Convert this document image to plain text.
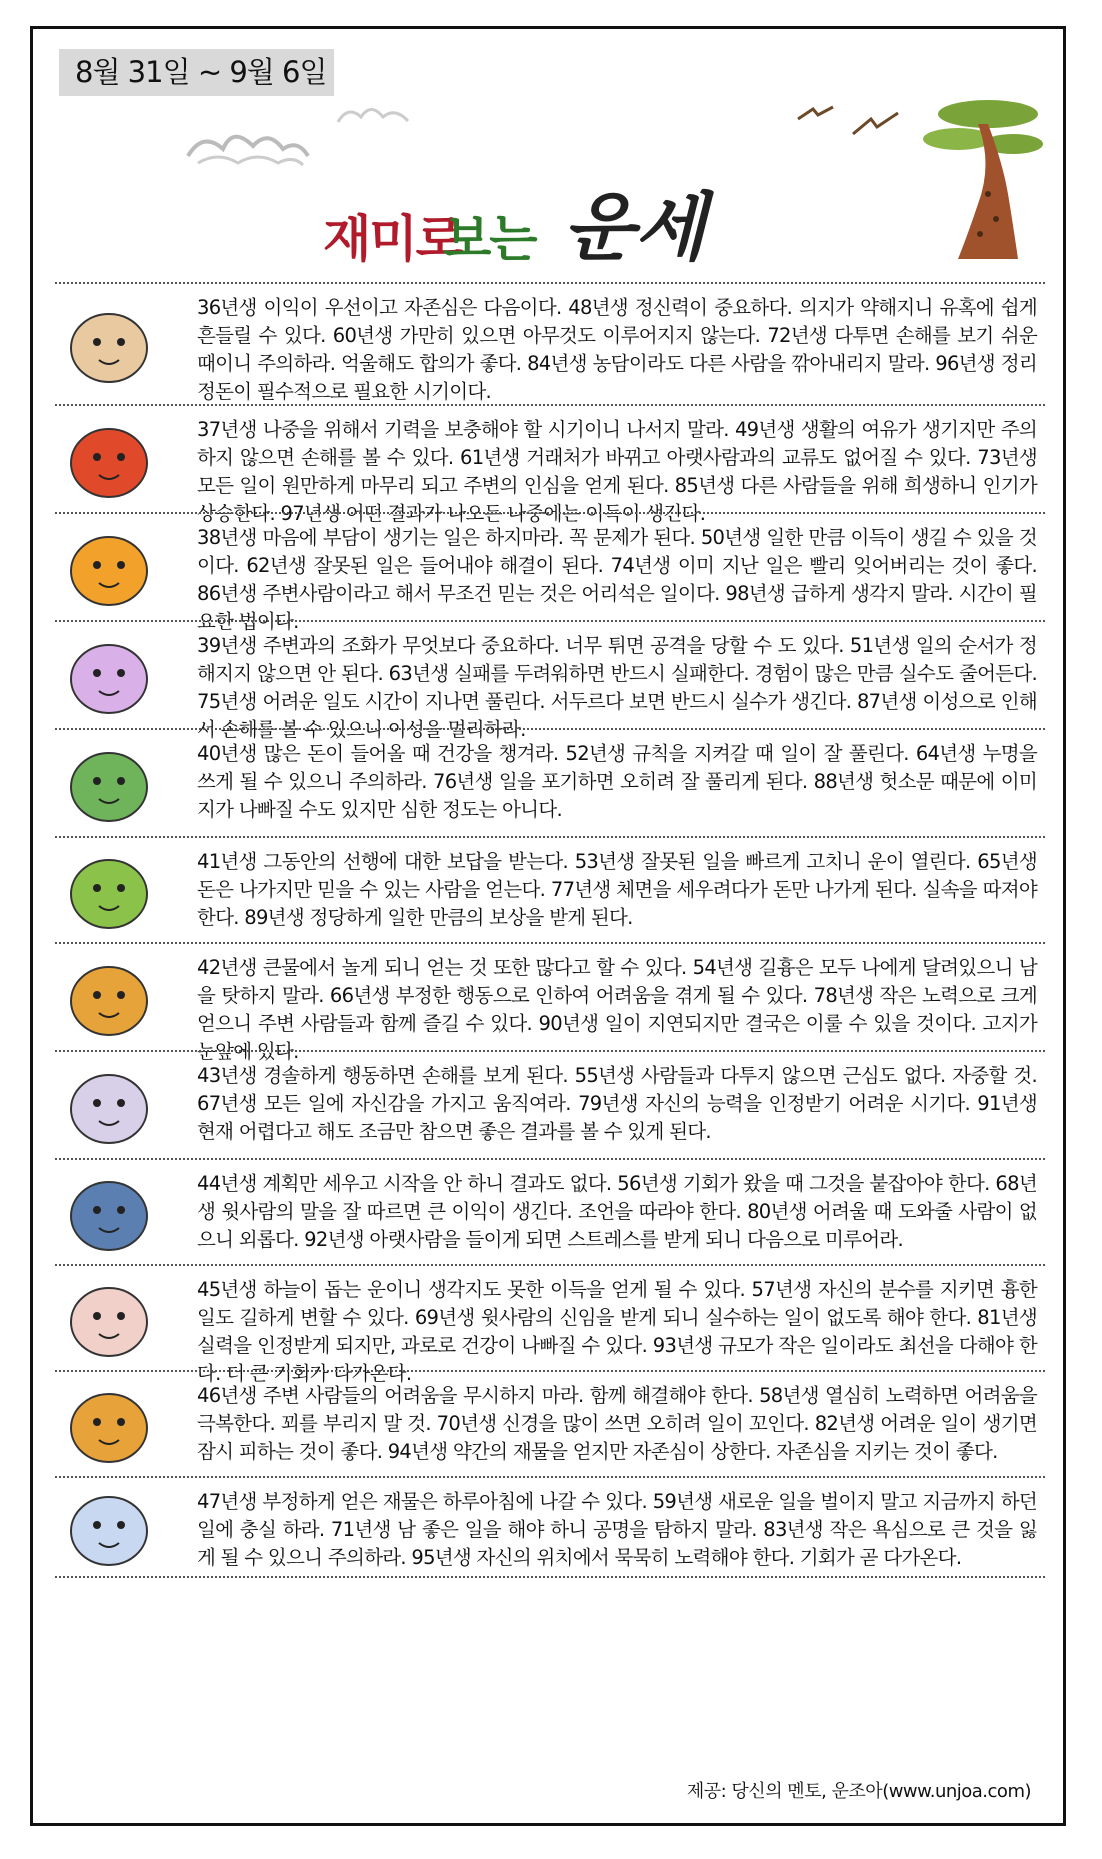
8월 31일 ~ 9월 6일
재미로
보는 운세
36년생 이익이 우선이고 자존심은 다음이다. 48년생 정신력이 중요하다. 의지가 약해지니 유혹에 쉽게 흔들릴 수 있다. 60년생 가만히 있으면 아무것도 이루어지지 않는다. 72년생 다투면 손해를 보기 쉬운 때이니 주의하라. 억울해도 합의가 좋다. 84년생 농담이라도 다른 사람을 깎아내리지 말라. 96년생 정리정돈이 필수적으로 필요한 시기이다.
37년생 나중을 위해서 기력을 보충해야 할 시기이니 나서지 말라. 49년생 생활의 여유가 생기지만 주의하지 않으면 손해를 볼 수 있다. 61년생 거래처가 바뀌고 아랫사람과의 교류도 없어질 수 있다. 73년생 모든 일이 원만하게 마무리 되고 주변의 인심을 얻게 된다. 85년생 다른 사람들을 위해 희생하니 인기가 상승한다. 97년생 어떤 결과가 나오든 나중에는 이득이 생긴다.
38년생 마음에 부담이 생기는 일은 하지마라. 꼭 문제가 된다. 50년생 일한 만큼 이득이 생길 수 있을 것이다. 62년생 잘못된 일은 들어내야 해결이 된다. 74년생 이미 지난 일은 빨리 잊어버리는 것이 좋다. 86년생 주변사람이라고 해서 무조건 믿는 것은 어리석은 일이다. 98년생 급하게 생각지 말라. 시간이 필요한 법이다.
39년생 주변과의 조화가 무엇보다 중요하다. 너무 튀면 공격을 당할 수 도 있다. 51년생 일의 순서가 정해지지 않으면 안 된다. 63년생 실패를 두려워하면 반드시 실패한다. 경험이 많은 만큼 실수도 줄어든다. 75년생 어려운 일도 시간이 지나면 풀린다. 서두르다 보면 반드시 실수가 생긴다. 87년생 이성으로 인해서 손해를 볼 수 있으니 이성을 멀리하라.
40년생 많은 돈이 들어올 때 건강을 챙겨라. 52년생 규칙을 지켜갈 때 일이 잘 풀린다. 64년생 누명을 쓰게 될 수 있으니 주의하라. 76년생 일을 포기하면 오히려 잘 풀리게 된다. 88년생 헛소문 때문에 이미지가 나빠질 수도 있지만 심한 정도는 아니다.
41년생 그동안의 선행에 대한 보답을 받는다. 53년생 잘못된 일을 빠르게 고치니 운이 열린다. 65년생 돈은 나가지만 믿을 수 있는 사람을 얻는다. 77년생 체면을 세우려다가 돈만 나가게 된다. 실속을 따져야 한다. 89년생 정당하게 일한 만큼의 보상을 받게 된다.
42년생 큰물에서 놀게 되니 얻는 것 또한 많다고 할 수 있다. 54년생 길흉은 모두 나에게 달려있으니 남을 탓하지 말라. 66년생 부정한 행동으로 인하여 어려움을 겪게 될 수 있다. 78년생 작은 노력으로 크게 얻으니 주변 사람들과 함께 즐길 수 있다. 90년생 일이 지연되지만 결국은 이룰 수 있을 것이다. 고지가 눈앞에 있다.
43년생 경솔하게 행동하면 손해를 보게 된다. 55년생 사람들과 다투지 않으면 근심도 없다. 자중할 것. 67년생 모든 일에 자신감을 가지고 움직여라. 79년생 자신의 능력을 인정받기 어려운 시기다. 91년생 현재 어렵다고 해도 조금만 참으면 좋은 결과를 볼 수 있게 된다.
44년생 계획만 세우고 시작을 안 하니 결과도 없다. 56년생 기회가 왔을 때 그것을 붙잡아야 한다. 68년생 윗사람의 말을 잘 따르면 큰 이익이 생긴다. 조언을 따라야 한다. 80년생 어려울 때 도와줄 사람이 없으니 외롭다. 92년생 아랫사람을 들이게 되면 스트레스를 받게 되니 다음으로 미루어라.
45년생 하늘이 돕는 운이니 생각지도 못한 이득을 얻게 될 수 있다. 57년생 자신의 분수를 지키면 흉한 일도 길하게 변할 수 있다. 69년생 윗사람의 신임을 받게 되니 실수하는 일이 없도록 해야 한다. 81년생 실력을 인정받게 되지만, 과로로 건강이 나빠질 수 있다. 93년생 규모가 작은 일이라도 최선을 다해야 한다. 더 큰 기회가 다가온다.
46년생 주변 사람들의 어려움을 무시하지 마라. 함께 해결해야 한다. 58년생 열심히 노력하면 어려움을 극복한다. 꾀를 부리지 말 것. 70년생 신경을 많이 쓰면 오히려 일이 꼬인다. 82년생 어려운 일이 생기면 잠시 피하는 것이 좋다. 94년생 약간의 재물을 얻지만 자존심이 상한다. 자존심을 지키는 것이 좋다.
47년생 부정하게 얻은 재물은 하루아침에 나갈 수 있다. 59년생 새로운 일을 벌이지 말고 지금까지 하던 일에 충실 하라. 71년생 남 좋은 일을 해야 하니 공명을 탐하지 말라. 83년생 작은 욕심으로 큰 것을 잃게 될 수 있으니 주의하라. 95년생 자신의 위치에서 묵묵히 노력해야 한다. 기회가 곧 다가온다.
제공: 당신의 멘토, 운조아(www.unjoa.com)
